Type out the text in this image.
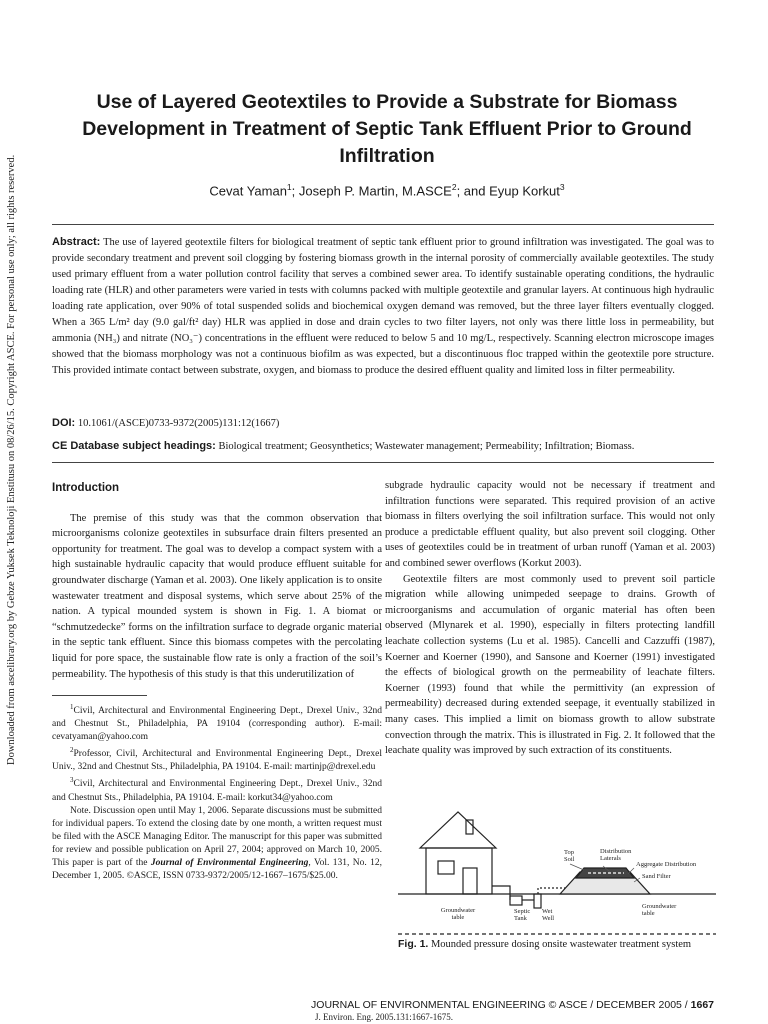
Downloaded from ascelibrary.org by Gebze Yuksek Teknoloji Enstitusu on 08/26/15. Copyright ASCE. For personal use only; all rights reserved.
Use of Layered Geotextiles to Provide a Substrate for Biomass Development in Treatment of Septic Tank Effluent Prior to Ground Infiltration
Cevat Yaman$^1$; Joseph P. Martin, M.ASCE$^2$; and Eyup Korkut$^3$

Abstract: The use of layered geotextile filters for biological treatment of septic tank effluent prior to ground infiltration was investigated. The goal was to provide secondary treatment and prevent soil clogging by fostering biomass growth in the internal porosity of commercially available geotextiles. The study used primary effluent from a water pollution control facility that serves a combined sewer area. To identify sustainable operating conditions, the hydraulic loading rate (HLR) and other parameters were varied in tests with columns packed with multiple geotextile and granular layers. At continuous high hydraulic loading rate application, over 90% of total suspended solids and biochemical oxygen demand was removed, but the three layer filters eventually clogged. When a 365 L/m² day (9.0 gal/ft² day) HLR was applied in dose and drain cycles to two filter layers, not only was there little loss in permeability, but ammonia (NH₃) and nitrate (NO₃⁻) concentrations in the effluent were reduced to below 5 and 10 mg/L, respectively. Scanning electron microscope images showed that the biomass morphology was not a continuous biofilm as was expected, but a discontinuous floc trapped within the geotextile pore structure. This provided intimate contact between substrate, oxygen, and biomass to produce the desired effluent quality and limited loss in filter permeability.

DOI: 10.1061/(ASCE)0733-9372(2005)131:12(1667)

CE Database subject headings: Biological treatment; Geosynthetics; Wastewater management; Permeability; Infiltration; Biomass.

Introduction

The premise of this study was that the common observation that microorganisms colonize geotextiles in subsurface drain filters presented an opportunity for treatment. The goal was to develop a compact system with a high sustainable hydraulic capacity that would produce effluent suitable for groundwater discharge (Yaman et al. 2003). One likely application is to onsite wastewater treatment and disposal systems, which serve about 25% of the nation. A typical mounded system is shown in Fig. 1. A biomat or “schmutzedecke” forms on the infiltration surface to degrade organic material in the septic tank effluent. Since this biomass competes with the percolating liquid for pore space, the sustainable flow rate is only a fraction of the soil’s permeability. The hypothesis of this study is that this underutilization of

$^1$Civil, Architectural and Environmental Engineering Dept., Drexel Univ., 32nd and Chestnut St., Philadelphia, PA 19104 (corresponding author). E-mail: cevatyaman@yahoo.com

$^2$Professor, Civil, Architectural and Environmental Engineering Dept., Drexel Univ., 32nd and Chestnut Sts., Philadelphia, PA 19104. E-mail: martinjp@drexel.edu

$^3$Civil, Architectural and Environmental Engineering Dept., Drexel Univ., 32nd and Chestnut Sts., Philadelphia, PA 19104. E-mail: korkut34@yahoo.com

Note. Discussion open until May 1, 2006. Separate discussions must be submitted for individual papers. To extend the closing date by one month, a written request must be filed with the ASCE Managing Editor. The manuscript for this paper was submitted for review and possible publication on April 27, 2004; approved on March 10, 2005. This paper is part of the Journal of Environmental Engineering, Vol. 131, No. 12, December 1, 2005. ©ASCE, ISSN 0733-9372/2005/12-1667–1675/$25.00.

subgrade hydraulic capacity would not be necessary if treatment and infiltration functions were separated. This required provision of an active biomass in filters overlying the soil infiltration surface. This would not only produce a predictable effluent quality, but also prevent soil clogging. Other uses of geotextiles could be in treatment of urban runoff (Yaman et al. 2003) and combined sewer overflows (Korkut 2003).

Geotextile filters are most commonly used to prevent soil particle migration while allowing unimpeded seepage to drains. Growth of microorganisms and accumulation of organic material has often been observed (Mlynarek et al. 1990), especially in filters protecting landfill leachate collection systems (Lu et al. 1985). Cancelli and Cazzuffi (1987), Koerner and Koerner (1990), and Sansone and Koerner (1991) investigated the effects of biological growth on the permeability of leachate filters. Koerner (1993) found that while the permittivity (an expression of permeability) decreased during extended seepage, it eventually stabilized in many cases. This implied a limit on biomass growth to allow substrate convection through the matrix. This is illustrated in Fig. 2. It followed that the leachate quality was improved by such extraction of its constituents.

Top
Soil
Distribution
Laterals
Aggregate Distribution
Sand Filter
Groundwater
table
Septic
Tank
Wet
Well
Groundwater
table
Fig. 1. Mounded pressure dosing onsite wastewater treatment system
JOURNAL OF ENVIRONMENTAL ENGINEERING © ASCE / DECEMBER 2005 / 1667
J. Environ. Eng. 2005.131:1667-1675.
